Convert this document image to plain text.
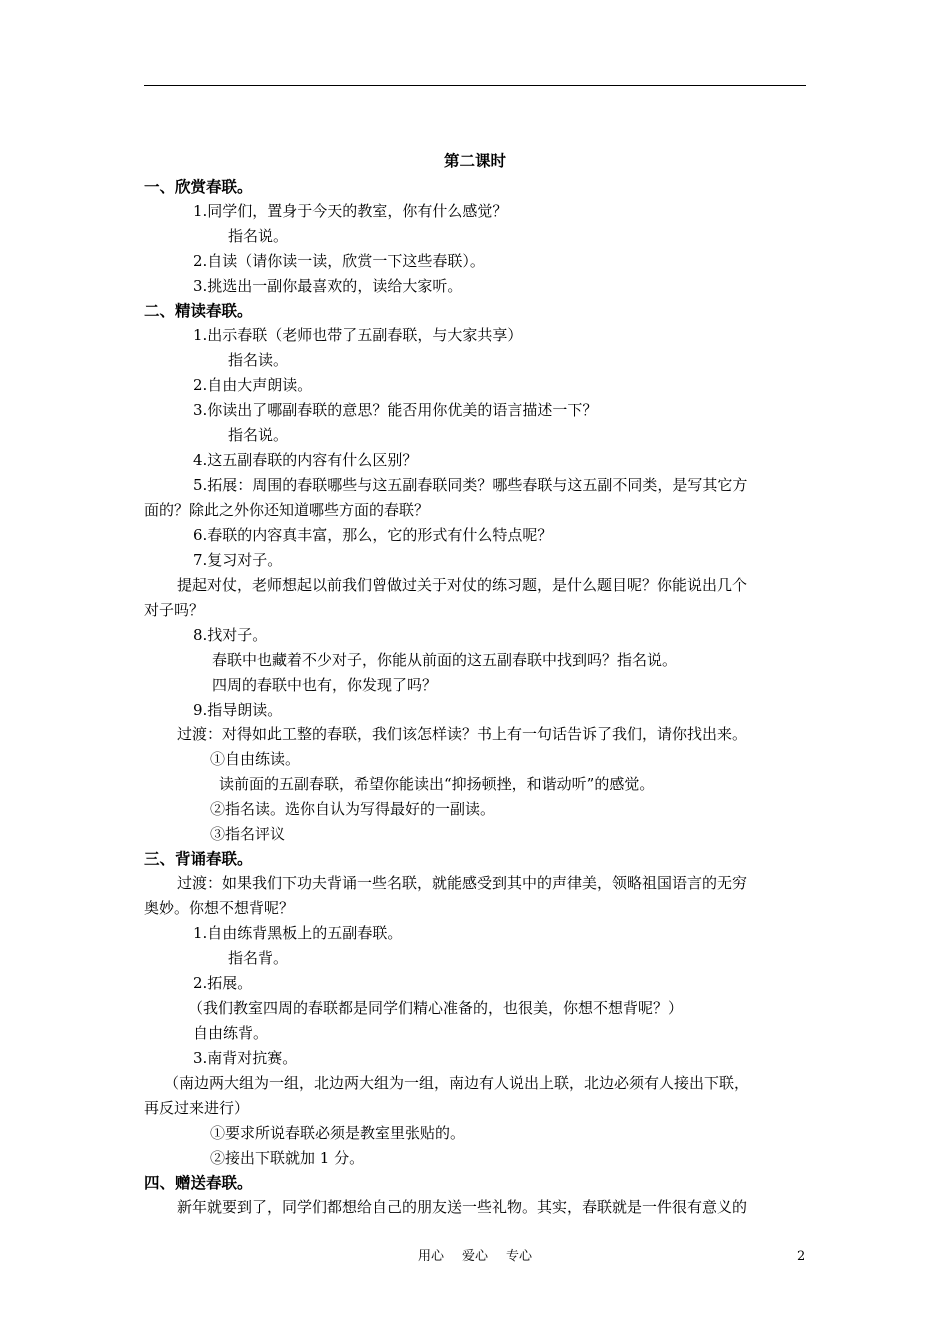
第二课时
一、欣赏春联。
1.同学们，置身于今天的教室，你有什么感觉？
指名说。
2.自读（请你读一读，欣赏一下这些春联）。
3.挑选出一副你最喜欢的，读给大家听。
二、精读春联。
1.出示春联（老师也带了五副春联，与大家共享）
指名读。
2.自由大声朗读。
3.你读出了哪副春联的意思？能否用你优美的语言描述一下？
指名说。
4.这五副春联的内容有什么区别？
5.拓展：周围的春联哪些与这五副春联同类？哪些春联与这五副不同类，是写其它方
面的？除此之外你还知道哪些方面的春联？
6.春联的内容真丰富，那么，它的形式有什么特点呢？
7.复习对子。
提起对仗，老师想起以前我们曾做过关于对仗的练习题，是什么题目呢？你能说出几个
对子吗？
8.找对子。
春联中也藏着不少对子，你能从前面的这五副春联中找到吗？指名说。
四周的春联中也有，你发现了吗？
9.指导朗读。
过渡：对得如此工整的春联，我们该怎样读？书上有一句话告诉了我们，请你找出来。
①自由练读。
读前面的五副春联，希望你能读出“抑扬顿挫，和谐动听”的感觉。
②指名读。选你自认为写得最好的一副读。
③指名评议
三、背诵春联。
过渡：如果我们下功夫背诵一些名联，就能感受到其中的声律美，领略祖国语言的无穷
奥妙。你想不想背呢？
1.自由练背黑板上的五副春联。
指名背。
2.拓展。
（我们教室四周的春联都是同学们精心准备的，也很美，你想不想背呢？）
自由练背。
3.南背对抗赛。
（南边两大组为一组，北边两大组为一组，南边有人说出上联，北边必须有人接出下联，
再反过来进行）
①要求所说春联必须是教室里张贴的。
②接出下联就加 1 分。
四、赠送春联。
新年就要到了，同学们都想给自己的朋友送一些礼物。其实，春联就是一件很有意义的
用心 爱心 专心	2
